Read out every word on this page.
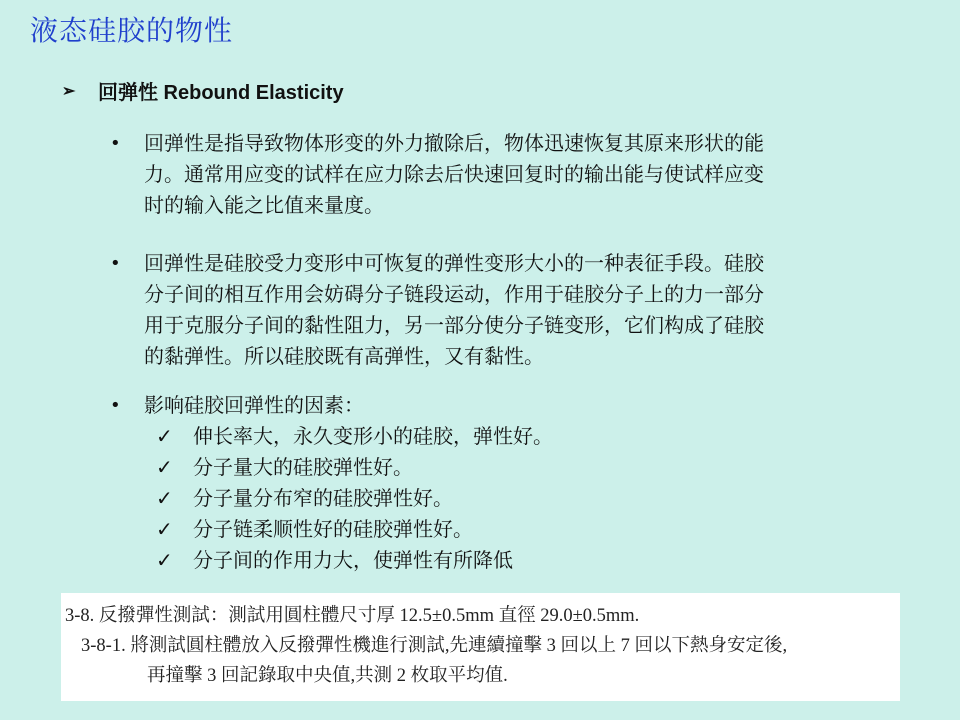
液态硅胶的物性
➢	回弹性 Rebound Elasticity
•	回弹性是指导致物体形变的外力撤除后，物体迅速恢复其原来形状的能
力。通常用应变的试样在应力除去后快速回复时的输出能与使试样应变
时的输入能之比值来量度。
•	回弹性是硅胶受力变形中可恢复的弹性变形大小的一种表征手段。硅胶
分子间的相互作用会妨碍分子链段运动，作用于硅胶分子上的力一部分
用于克服分子间的黏性阻力，另一部分使分子链变形，它们构成了硅胶
的黏弹性。所以硅胶既有高弹性，又有黏性。
•	影响硅胶回弹性的因素：
✓	伸长率大，永久变形小的硅胶，弹性好。
✓	分子量大的硅胶弹性好。
✓	分子量分布窄的硅胶弹性好。
✓	分子链柔顺性好的硅胶弹性好。
✓	分子间的作用力大，使弹性有所降低
3-8. 反撥彈性測試：測試用圓柱體尺寸厚 12.5±0.5mm 直徑 29.0±0.5mm.
3-8-1. 將測試圓柱體放入反撥彈性機進行測試,先連續撞擊 3 回以上 7 回以下熱身安定後,
再撞擊 3 回記錄取中央值,共測 2 枚取平均值.
